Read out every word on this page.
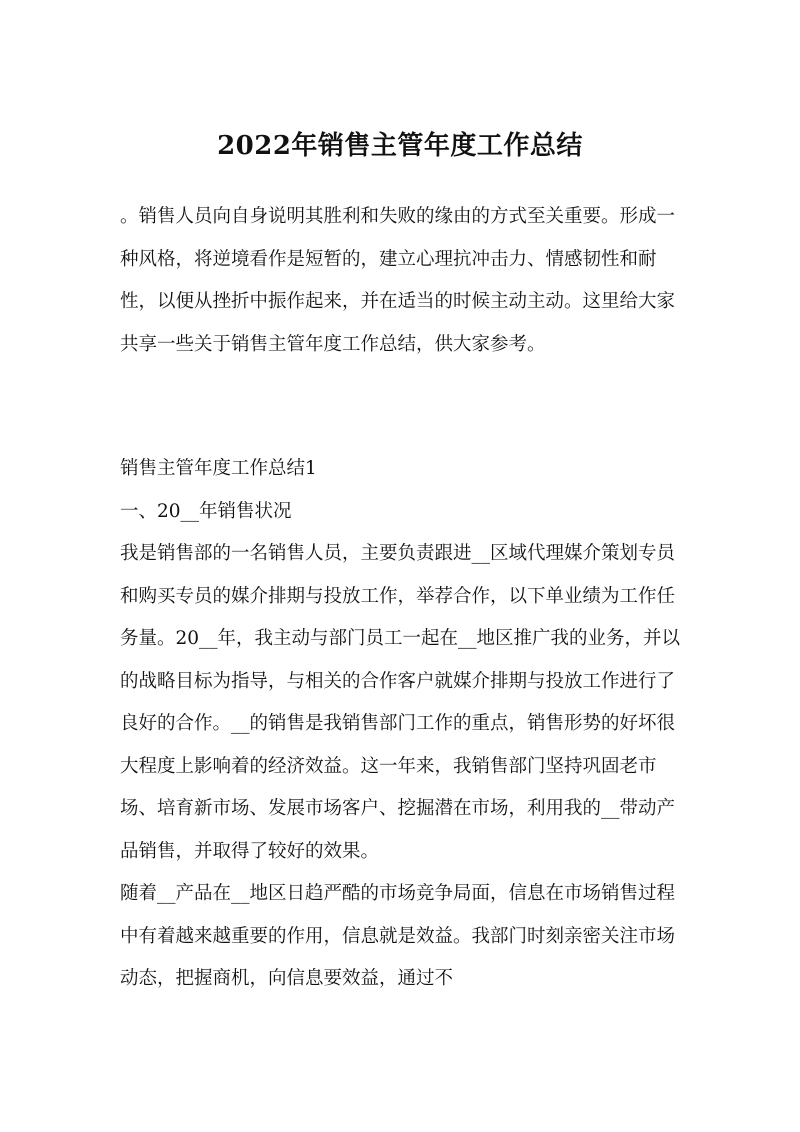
2022年销售主管年度工作总结

。销售人员向自身说明其胜利和失败的缘由的方式至关重要。形成一种风格，将逆境看作是短暂的，建立心理抗冲击力、情感韧性和耐性，以便从挫折中振作起来，并在适当的时候主动主动。这里给大家共享一些关于销售主管年度工作总结，供大家参考。

销售主管年度工作总结1
一、20__年销售状况

我是销售部的一名销售人员，主要负责跟进__区域代理媒介策划专员和购买专员的媒介排期与投放工作，举荐合作，以下单业绩为工作任务量。20__年，我主动与部门员工一起在__地区推广我的业务，并以的战略目标为指导，与相关的合作客户就媒介排期与投放工作进行了良好的合作。__的销售是我销售部门工作的重点，销售形势的好坏很大程度上影响着的经济效益。这一年来，我销售部门坚持巩固老市场、培育新市场、发展市场客户、挖掘潜在市场，利用我的__带动产品销售，并取得了较好的效果。

随着__产品在__地区日趋严酷的市场竞争局面，信息在市场销售过程中有着越来越重要的作用，信息就是效益。我部门时刻亲密关注市场动态，把握商机，向信息要效益，通过不
